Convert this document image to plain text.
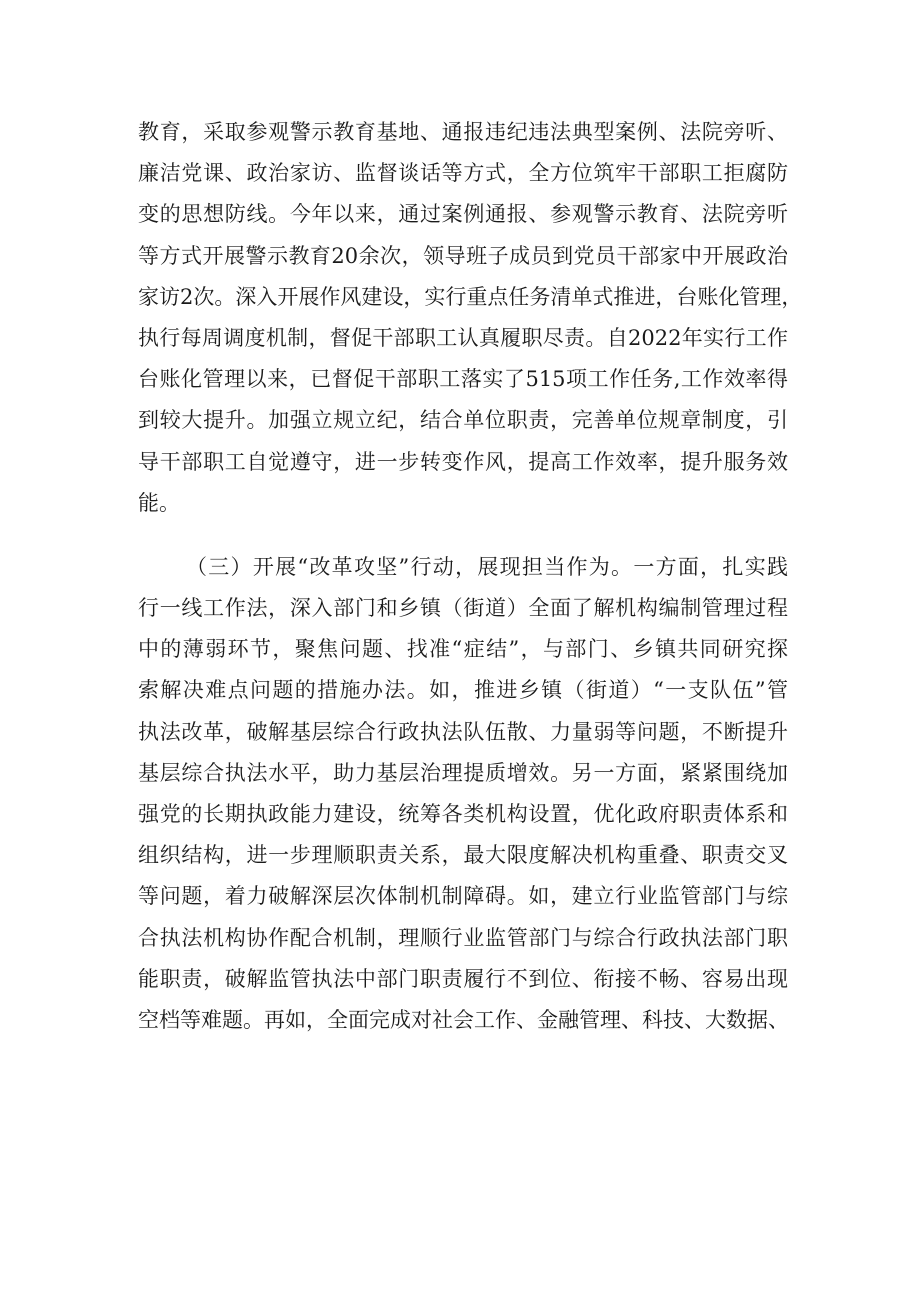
教育，采取参观警示教育基地、通报违纪违法典型案例、法院旁听、
廉洁党课、政治家访、监督谈话等方式，全方位筑牢干部职工拒腐防
变的思想防线。今年以来，通过案例通报、参观警示教育、法院旁听
等方式开展警示教育20余次，领导班子成员到党员干部家中开展政治
家访2次。深入开展作风建设，实行重点任务清单式推进，台账化管理，
执行每周调度机制，督促干部职工认真履职尽责。自2022年实行工作
台账化管理以来，已督促干部职工落实了515项工作任务,工作效率得
到较大提升。加强立规立纪，结合单位职责，完善单位规章制度，引
导干部职工自觉遵守，进一步转变作风，提高工作效率，提升服务效
能。
（三）开展“改革攻坚”行动，展现担当作为。一方面，扎实践
行一线工作法，深入部门和乡镇（街道）全面了解机构编制管理过程
中的薄弱环节，聚焦问题、找准“症结”，与部门、乡镇共同研究探
索解决难点问题的措施办法。如，推进乡镇（街道）“一支队伍”管
执法改革，破解基层综合行政执法队伍散、力量弱等问题，不断提升
基层综合执法水平，助力基层治理提质增效。另一方面，紧紧围绕加
强党的长期执政能力建设，统筹各类机构设置，优化政府职责体系和
组织结构，进一步理顺职责关系，最大限度解决机构重叠、职责交叉
等问题，着力破解深层次体制机制障碍。如，建立行业监管部门与综
合执法机构协作配合机制，理顺行业监管部门与综合行政执法部门职
能职责，破解监管执法中部门职责履行不到位、衔接不畅、容易出现
空档等难题。再如，全面完成对社会工作、金融管理、科技、大数据、
